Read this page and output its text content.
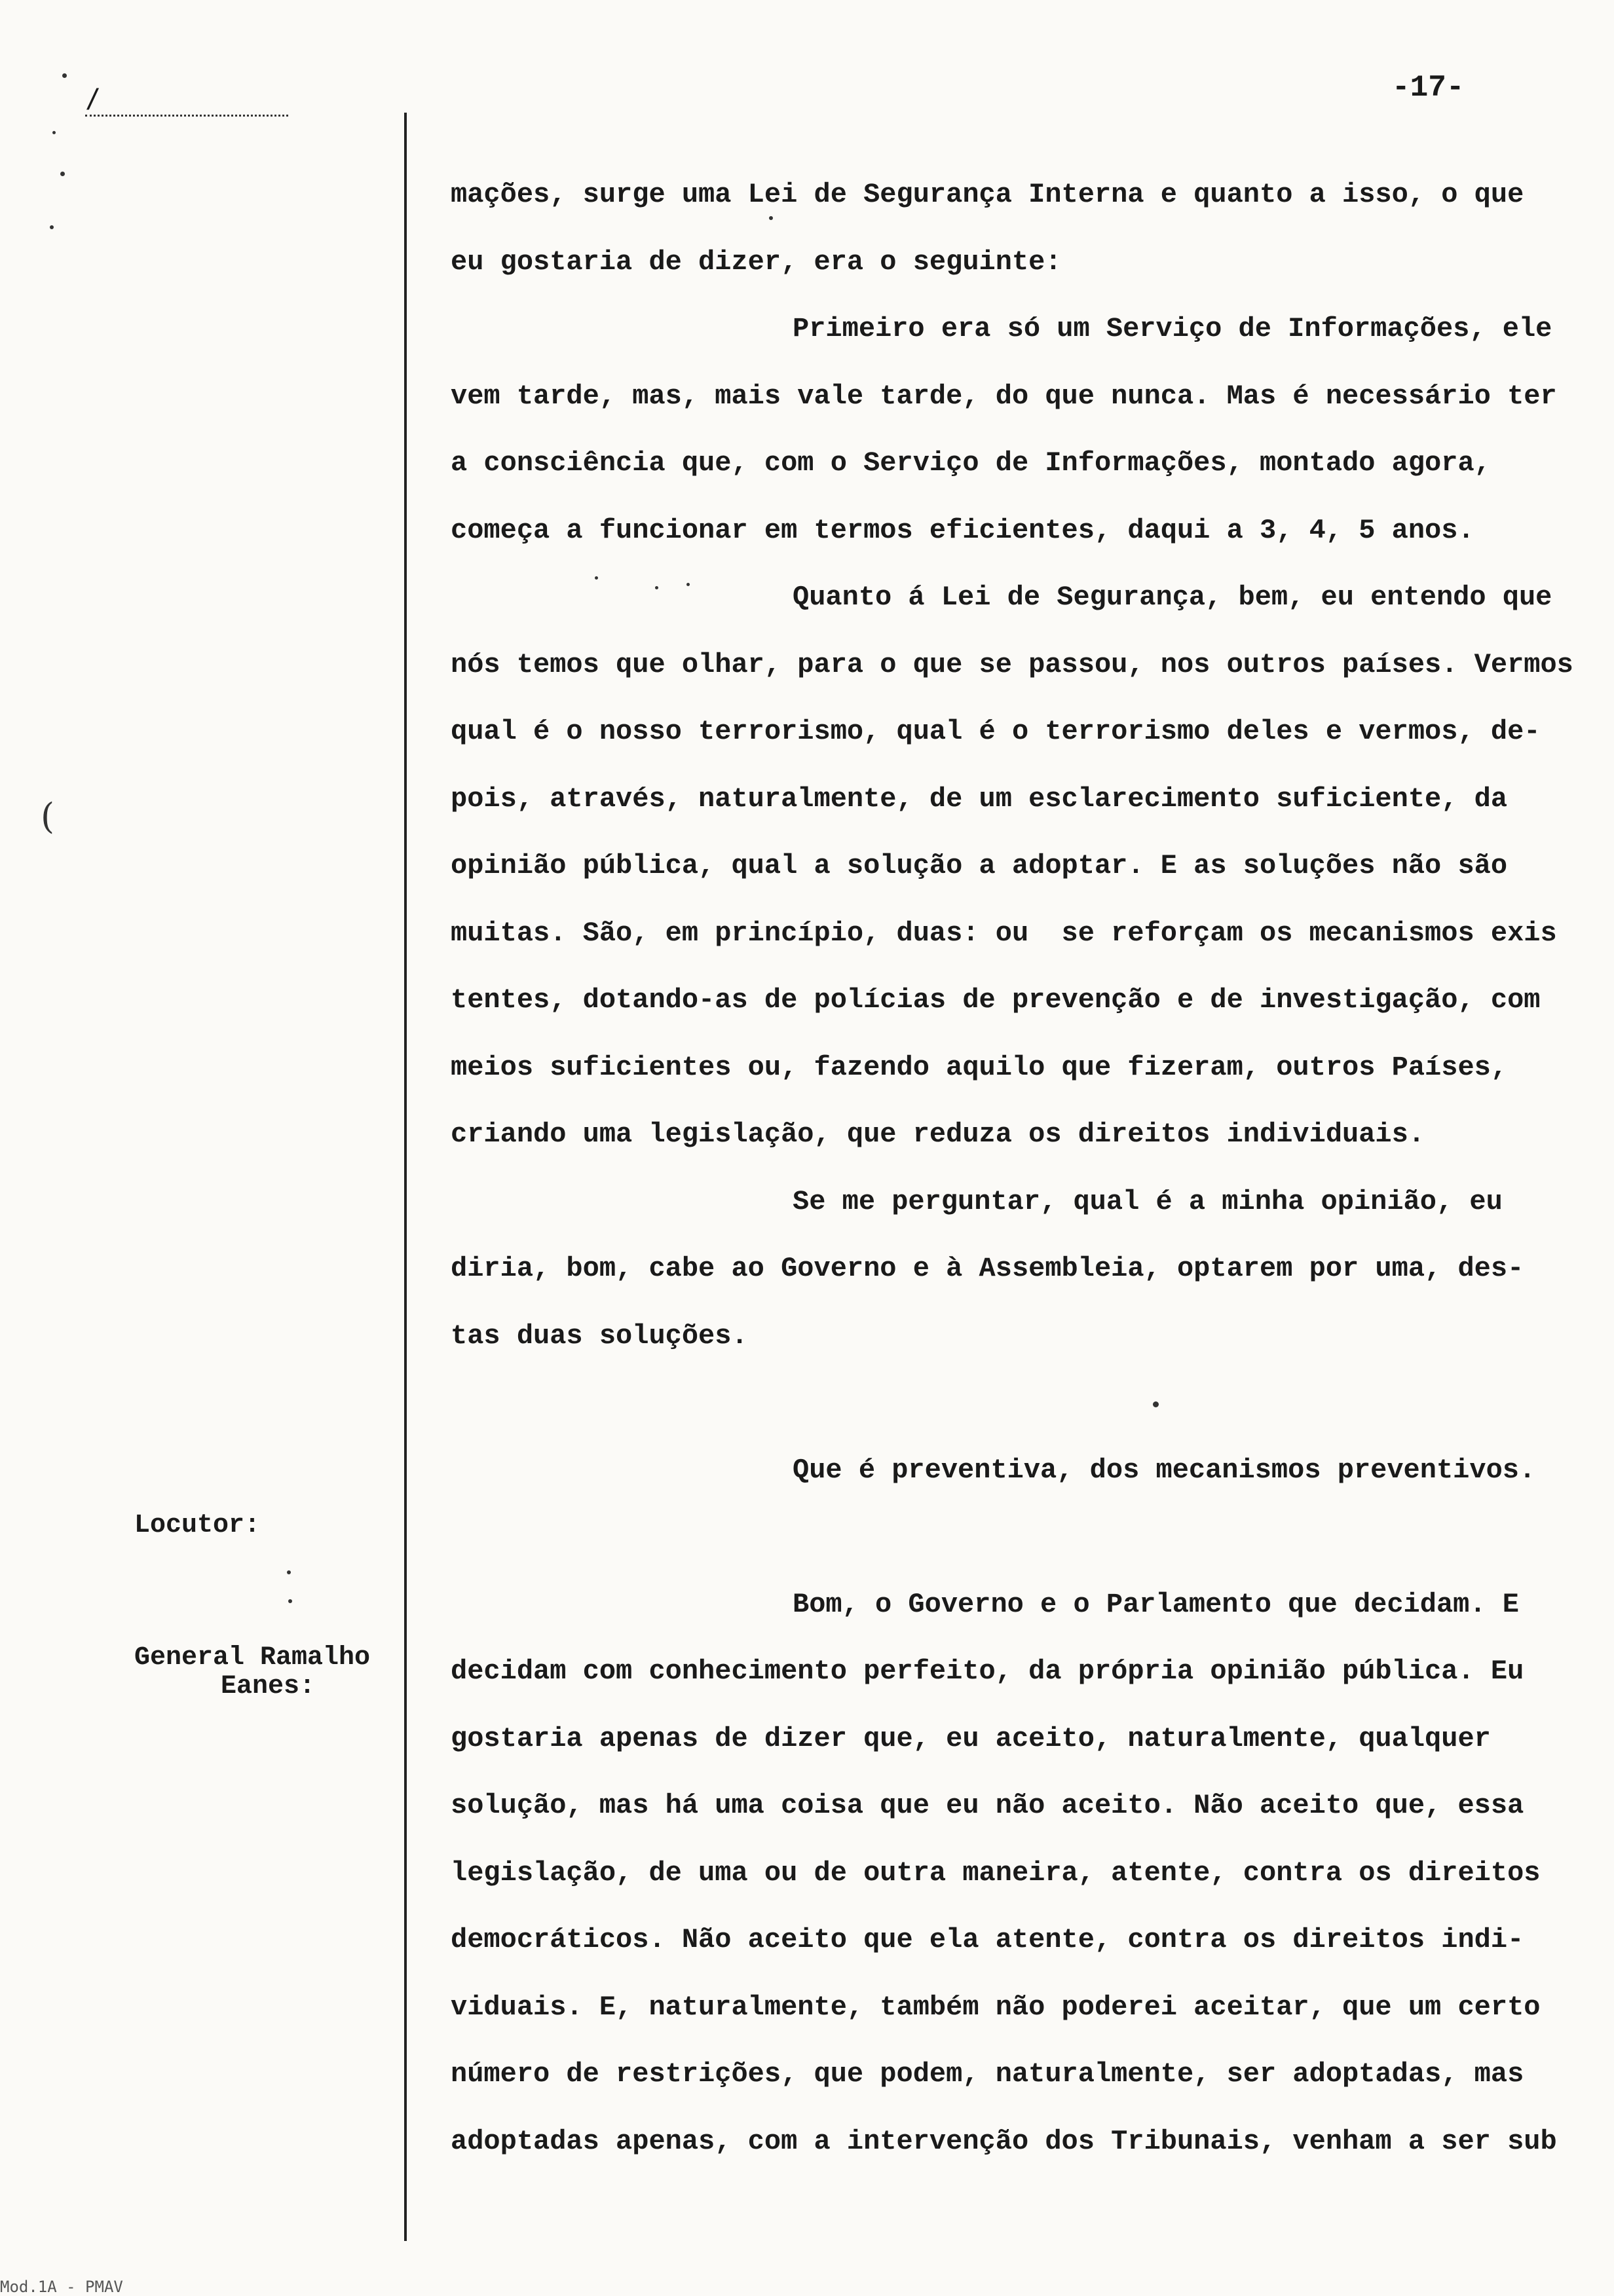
-17-
/
(
Locutor:
General Ramalho
Eanes:
mações, surge uma Lei de Segurança Interna e quanto a isso, o que
eu gostaria de dizer, era o seguinte:
Primeiro era só um Serviço de Informações, ele
vem tarde, mas, mais vale tarde, do que nunca. Mas é necessário ter
a consciência que, com o Serviço de Informações, montado agora,
começa a funcionar em termos eficientes, daqui a 3, 4, 5 anos.
Quanto á Lei de Segurança, bem, eu entendo que
nós temos que olhar, para o que se passou, nos outros países. Vermos
qual é o nosso terrorismo, qual é o terrorismo deles e vermos, de-
pois, através, naturalmente, de um esclarecimento suficiente, da
opinião pública, qual a solução a adoptar. E as soluções não são
muitas. São, em princípio, duas: ou  se reforçam os mecanismos exis
tentes, dotando-as de polícias de prevenção e de investigação, com
meios suficientes ou, fazendo aquilo que fizeram, outros Países,
criando uma legislação, que reduza os direitos individuais.
Se me perguntar, qual é a minha opinião, eu
diria, bom, cabe ao Governo e à Assembleia, optarem por uma, des-
tas duas soluções.
Que é preventiva, dos mecanismos preventivos.
Bom, o Governo e o Parlamento que decidam. E
decidam com conhecimento perfeito, da própria opinião pública. Eu
gostaria apenas de dizer que, eu aceito, naturalmente, qualquer
solução, mas há uma coisa que eu não aceito. Não aceito que, essa
legislação, de uma ou de outra maneira, atente, contra os direitos
democráticos. Não aceito que ela atente, contra os direitos indi-
viduais. E, naturalmente, também não poderei aceitar, que um certo
número de restrições, que podem, naturalmente, ser adoptadas, mas
adoptadas apenas, com a intervenção dos Tribunais, venham a ser sub
Mod.1A - PMAV
